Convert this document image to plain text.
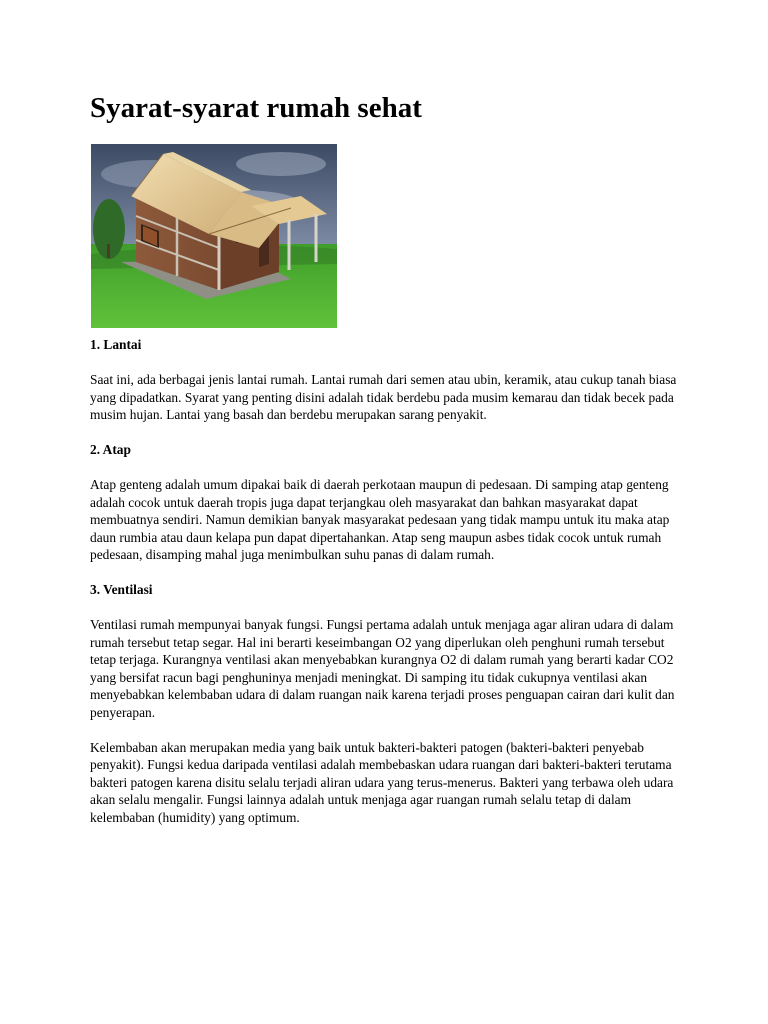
Syarat-syarat rumah sehat
1. Lantai

Saat ini, ada berbagai jenis lantai rumah. Lantai rumah dari semen atau ubin, keramik, atau cukup tanah biasa yang dipadatkan. Syarat yang penting disini adalah tidak berdebu pada musim kemarau dan tidak becek pada musim hujan. Lantai yang basah dan berdebu merupakan sarang penyakit.

2. Atap

Atap genteng adalah umum dipakai baik di daerah perkotaan maupun di pedesaan. Di samping atap genteng adalah cocok untuk daerah tropis juga dapat terjangkau oleh masyarakat dan bahkan masyarakat dapat membuatnya sendiri. Namun demikian banyak masyarakat pedesaan yang tidak mampu untuk itu maka atap daun rumbia atau daun kelapa pun dapat dipertahankan. Atap seng maupun asbes tidak cocok untuk rumah pedesaan, disamping mahal juga menimbulkan suhu panas di dalam rumah.

3. Ventilasi

Ventilasi rumah mempunyai banyak fungsi. Fungsi pertama adalah untuk menjaga agar aliran udara di dalam rumah tersebut tetap segar. Hal ini berarti keseimbangan O2 yang diperlukan oleh penghuni rumah tersebut tetap terjaga. Kurangnya ventilasi akan menyebabkan kurangnya O2 di dalam rumah yang berarti kadar CO2 yang bersifat racun bagi penghuninya menjadi meningkat. Di samping itu tidak cukupnya ventilasi akan menyebabkan kelembaban udara di dalam ruangan naik karena terjadi proses penguapan cairan dari kulit dan penyerapan.

Kelembaban akan merupakan media yang baik untuk bakteri-bakteri patogen (bakteri-bakteri penyebab penyakit). Fungsi kedua daripada ventilasi adalah membebaskan udara ruangan dari bakteri-bakteri terutama bakteri patogen karena disitu selalu terjadi aliran udara yang terus-menerus. Bakteri yang terbawa oleh udara akan selalu mengalir. Fungsi lainnya adalah untuk menjaga agar ruangan rumah selalu tetap di dalam kelembaban (humidity) yang optimum.
